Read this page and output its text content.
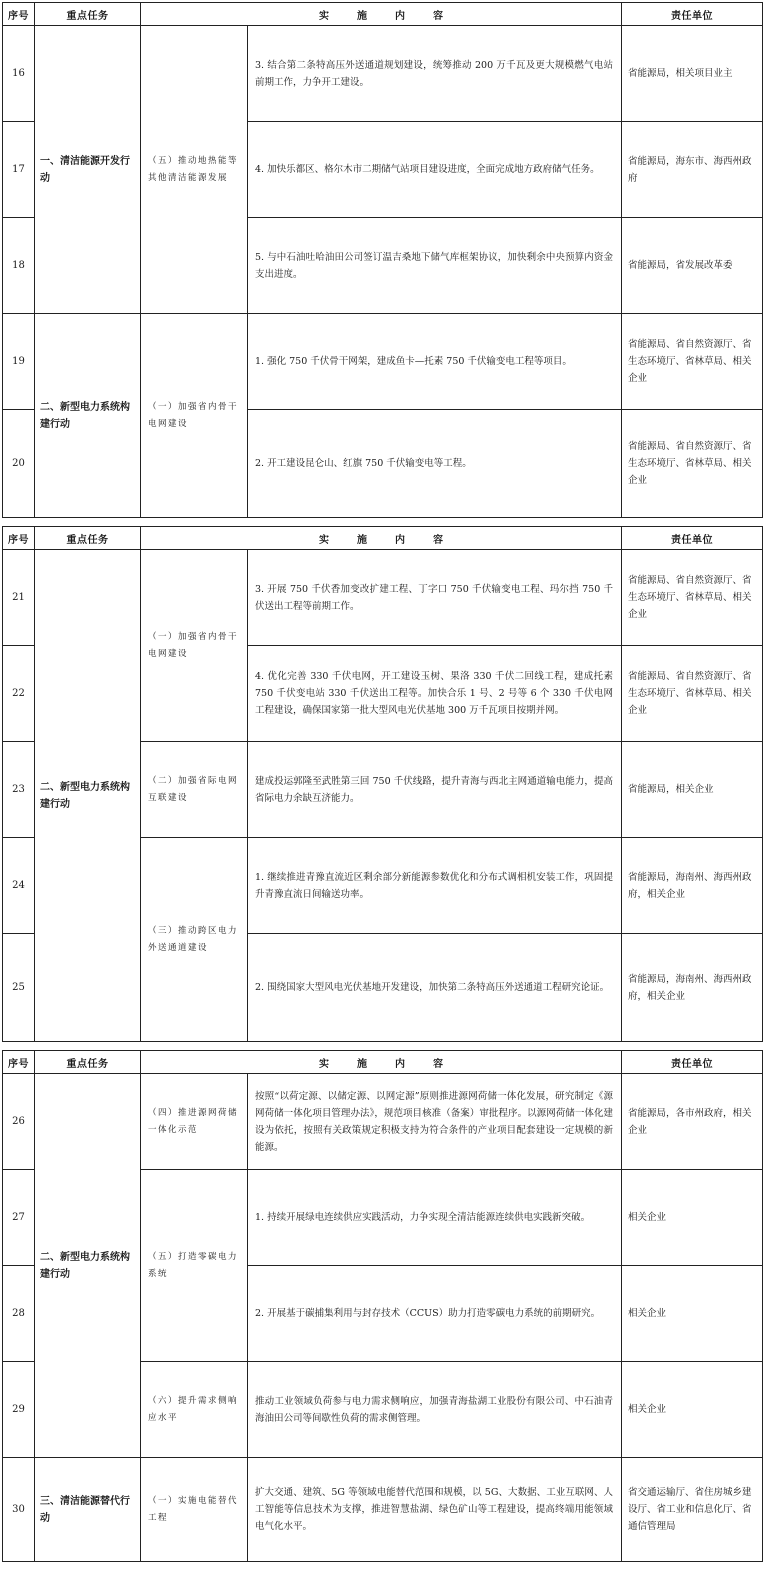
序号	重点任务	实 施 内 容		责任单位
16	一、清洁能源开发行动	（五）推动地热能等其他清洁能源发展	3. 结合第二条特高压外送通道规划建设，统筹推动 200 万千瓦及更大规模燃气电站前期工作，力争开工建设。	省能源局，相关项目业主
17			4. 加快乐都区、格尔木市二期储气站项目建设进度，全面完成地方政府储气任务。	省能源局，海东市、海西州政府
18			5. 与中石油吐哈油田公司签订温吉桑地下储气库框架协议，加快剩余中央预算内资金支出进度。	省能源局，省发展改革委
19	二、新型电力系统构建行动	（一）加强省内骨干电网建设	1. 强化 750 千伏骨干网架，建成鱼卡—托素 750 千伏输变电工程等项目。	省能源局、省自然资源厅、省生态环境厅、省林草局、相关企业
20			2. 开工建设昆仑山、红旗 750 千伏输变电等工程。	省能源局、省自然资源厅、省生态环境厅、省林草局、相关企业
序号	重点任务	实 施 内 容		责任单位
21	二、新型电力系统构建行动	（一）加强省内骨干电网建设	3. 开展 750 千伏香加变改扩建工程、丁字口 750 千伏输变电工程、玛尔挡 750 千伏送出工程等前期工作。	省能源局、省自然资源厅、省生态环境厅、省林草局、相关企业
22			4. 优化完善 330 千伏电网，开工建设玉树、果洛 330 千伏二回线工程，建成托素 750 千伏变电站 330 千伏送出工程等。加快合乐 1 号、2 号等 6 个 330 千伏电网工程建设，确保国家第一批大型风电光伏基地 300 万千瓦项目按期并网。	省能源局、省自然资源厅、省生态环境厅、省林草局、相关企业
23		（二）加强省际电网互联建设	建成投运郭隆至武胜第三回 750 千伏线路，提升青海与西北主网通道输电能力，提高省际电力余缺互济能力。	省能源局，相关企业
24		（三）推动跨区电力外送通道建设	1. 继续推进青豫直流近区剩余部分新能源参数优化和分布式调相机安装工作，巩固提升青豫直流日间输送功率。	省能源局，海南州、海西州政府，相关企业
25			2. 围绕国家大型风电光伏基地开发建设，加快第二条特高压外送通道工程研究论证。	省能源局，海南州、海西州政府，相关企业
序号	重点任务	实 施 内 容		责任单位
26	二、新型电力系统构建行动	（四）推进源网荷储一体化示范	按照“以荷定源、以储定源、以网定源”原则推进源网荷储一体化发展，研究制定《源网荷储一体化项目管理办法》，规范项目核准（备案）审批程序。以源网荷储一体化建设为依托，按照有关政策规定积极支持为符合条件的产业项目配套建设一定规模的新能源。	省能源局，各市州政府，相关企业
27		（五）打造零碳电力系统	1. 持续开展绿电连续供应实践活动，力争实现全清洁能源连续供电实践新突破。	相关企业
28			2. 开展基于碳捕集利用与封存技术（CCUS）助力打造零碳电力系统的前期研究。	相关企业
29		（六）提升需求侧响应水平	推动工业领域负荷参与电力需求侧响应，加强青海盐湖工业股份有限公司、中石油青海油田公司等间歇性负荷的需求侧管理。	相关企业
30	三、清洁能源替代行动	（一）实施电能替代工程	扩大交通、建筑、5G 等领域电能替代范围和规模，以 5G、大数据、工业互联网、人工智能等信息技术为支撑，推进智慧盐湖、绿色矿山等工程建设，提高终端用能领域电气化水平。	省交通运输厅、省住房城乡建设厅、省工业和信息化厅、省通信管理局
